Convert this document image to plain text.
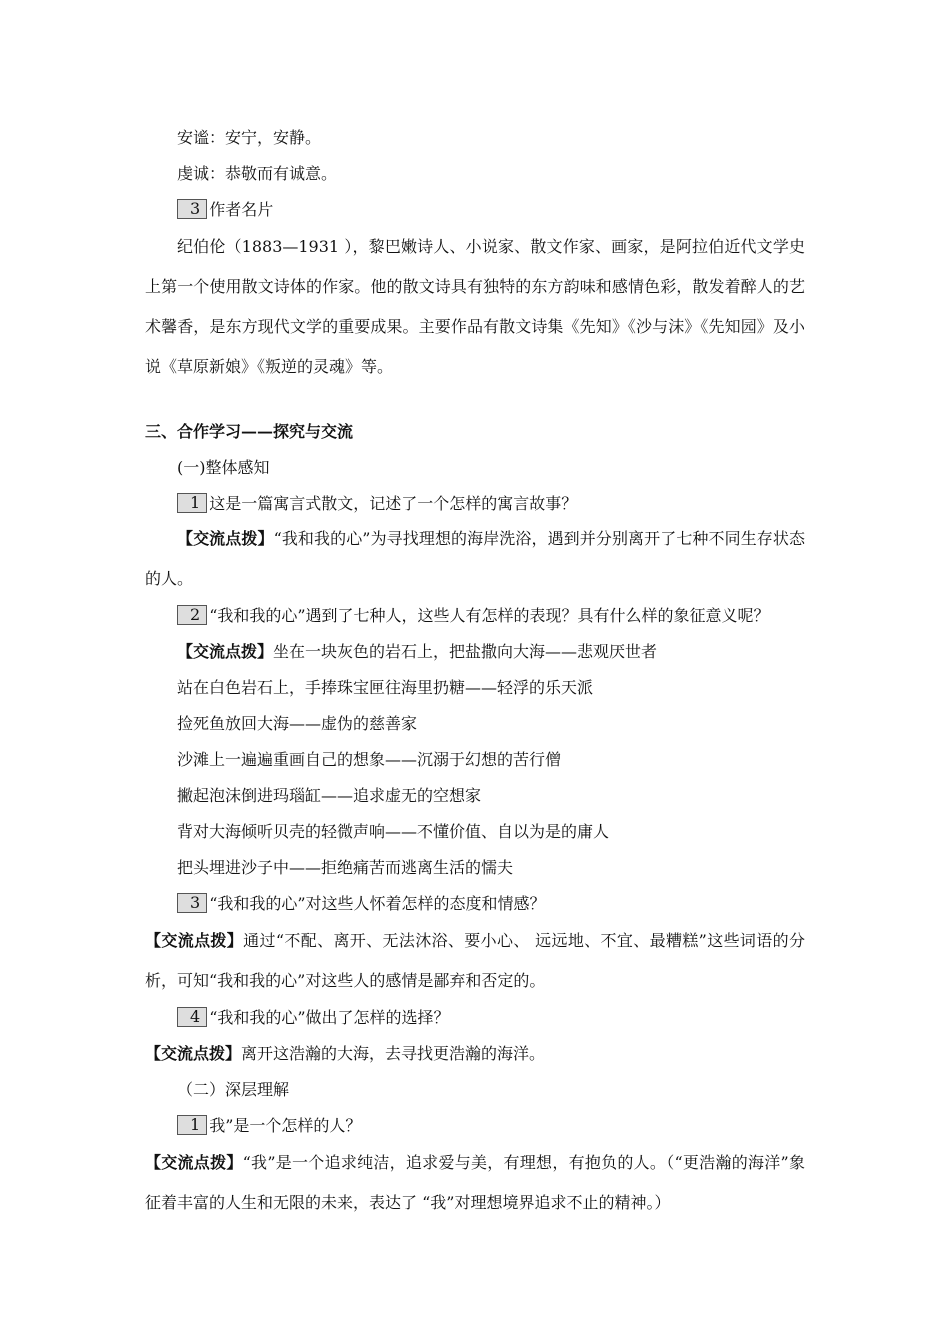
安谧：安宁，安静。
虔诚：恭敬而有诚意。
3 作者名片
纪伯伦（1883—1931 ），黎巴嫩诗人、小说家、散文作家、画家，是阿拉伯近代文学史上第一个使用散文诗体的作家。他的散文诗具有独特的东方韵味和感情色彩，散发着醉人的艺术馨香，是东方现代文学的重要成果。主要作品有散文诗集《先知》《沙与沫》《先知园》及小说《草原新娘》《叛逆的灵魂》等。
三、合作学习——探究与交流
(一)整体感知
1 这是一篇寓言式散文，记述了一个怎样的寓言故事？
【交流点拨】“我和我的心”为寻找理想的海岸洗浴，遇到并分别离开了七种不同生存状态的人。
2 “我和我的心”遇到了七种人，这些人有怎样的表现？具有什么样的象征意义呢？
【交流点拨】坐在一块灰色的岩石上，把盐撒向大海——悲观厌世者
站在白色岩石上，手捧珠宝匣往海里扔糖——轻浮的乐天派
捡死鱼放回大海——虚伪的慈善家
沙滩上一遍遍重画自己的想象——沉溺于幻想的苦行僧
撇起泡沫倒进玛瑙缸——追求虚无的空想家
背对大海倾听贝壳的轻微声响——不懂价值、自以为是的庸人
把头埋进沙子中——拒绝痛苦而逃离生活的懦夫
3 “我和我的心”对这些人怀着怎样的态度和情感？
【交流点拨】通过“不配、离开、无法沐浴、要小心、 远远地、不宜、最糟糕”这些词语的分析，可知“我和我的心”对这些人的感情是鄙弃和否定的。
4 “我和我的心”做出了怎样的选择？
【交流点拨】离开这浩瀚的大海，去寻找更浩瀚的海洋。
（二）深层理解
1 我”是一个怎样的人？
【交流点拨】“我”是一个追求纯洁，追求爱与美，有理想，有抱负的人。（“更浩瀚的海洋”象征着丰富的人生和无限的未来，表达了 “我”对理想境界追求不止的精神。）
